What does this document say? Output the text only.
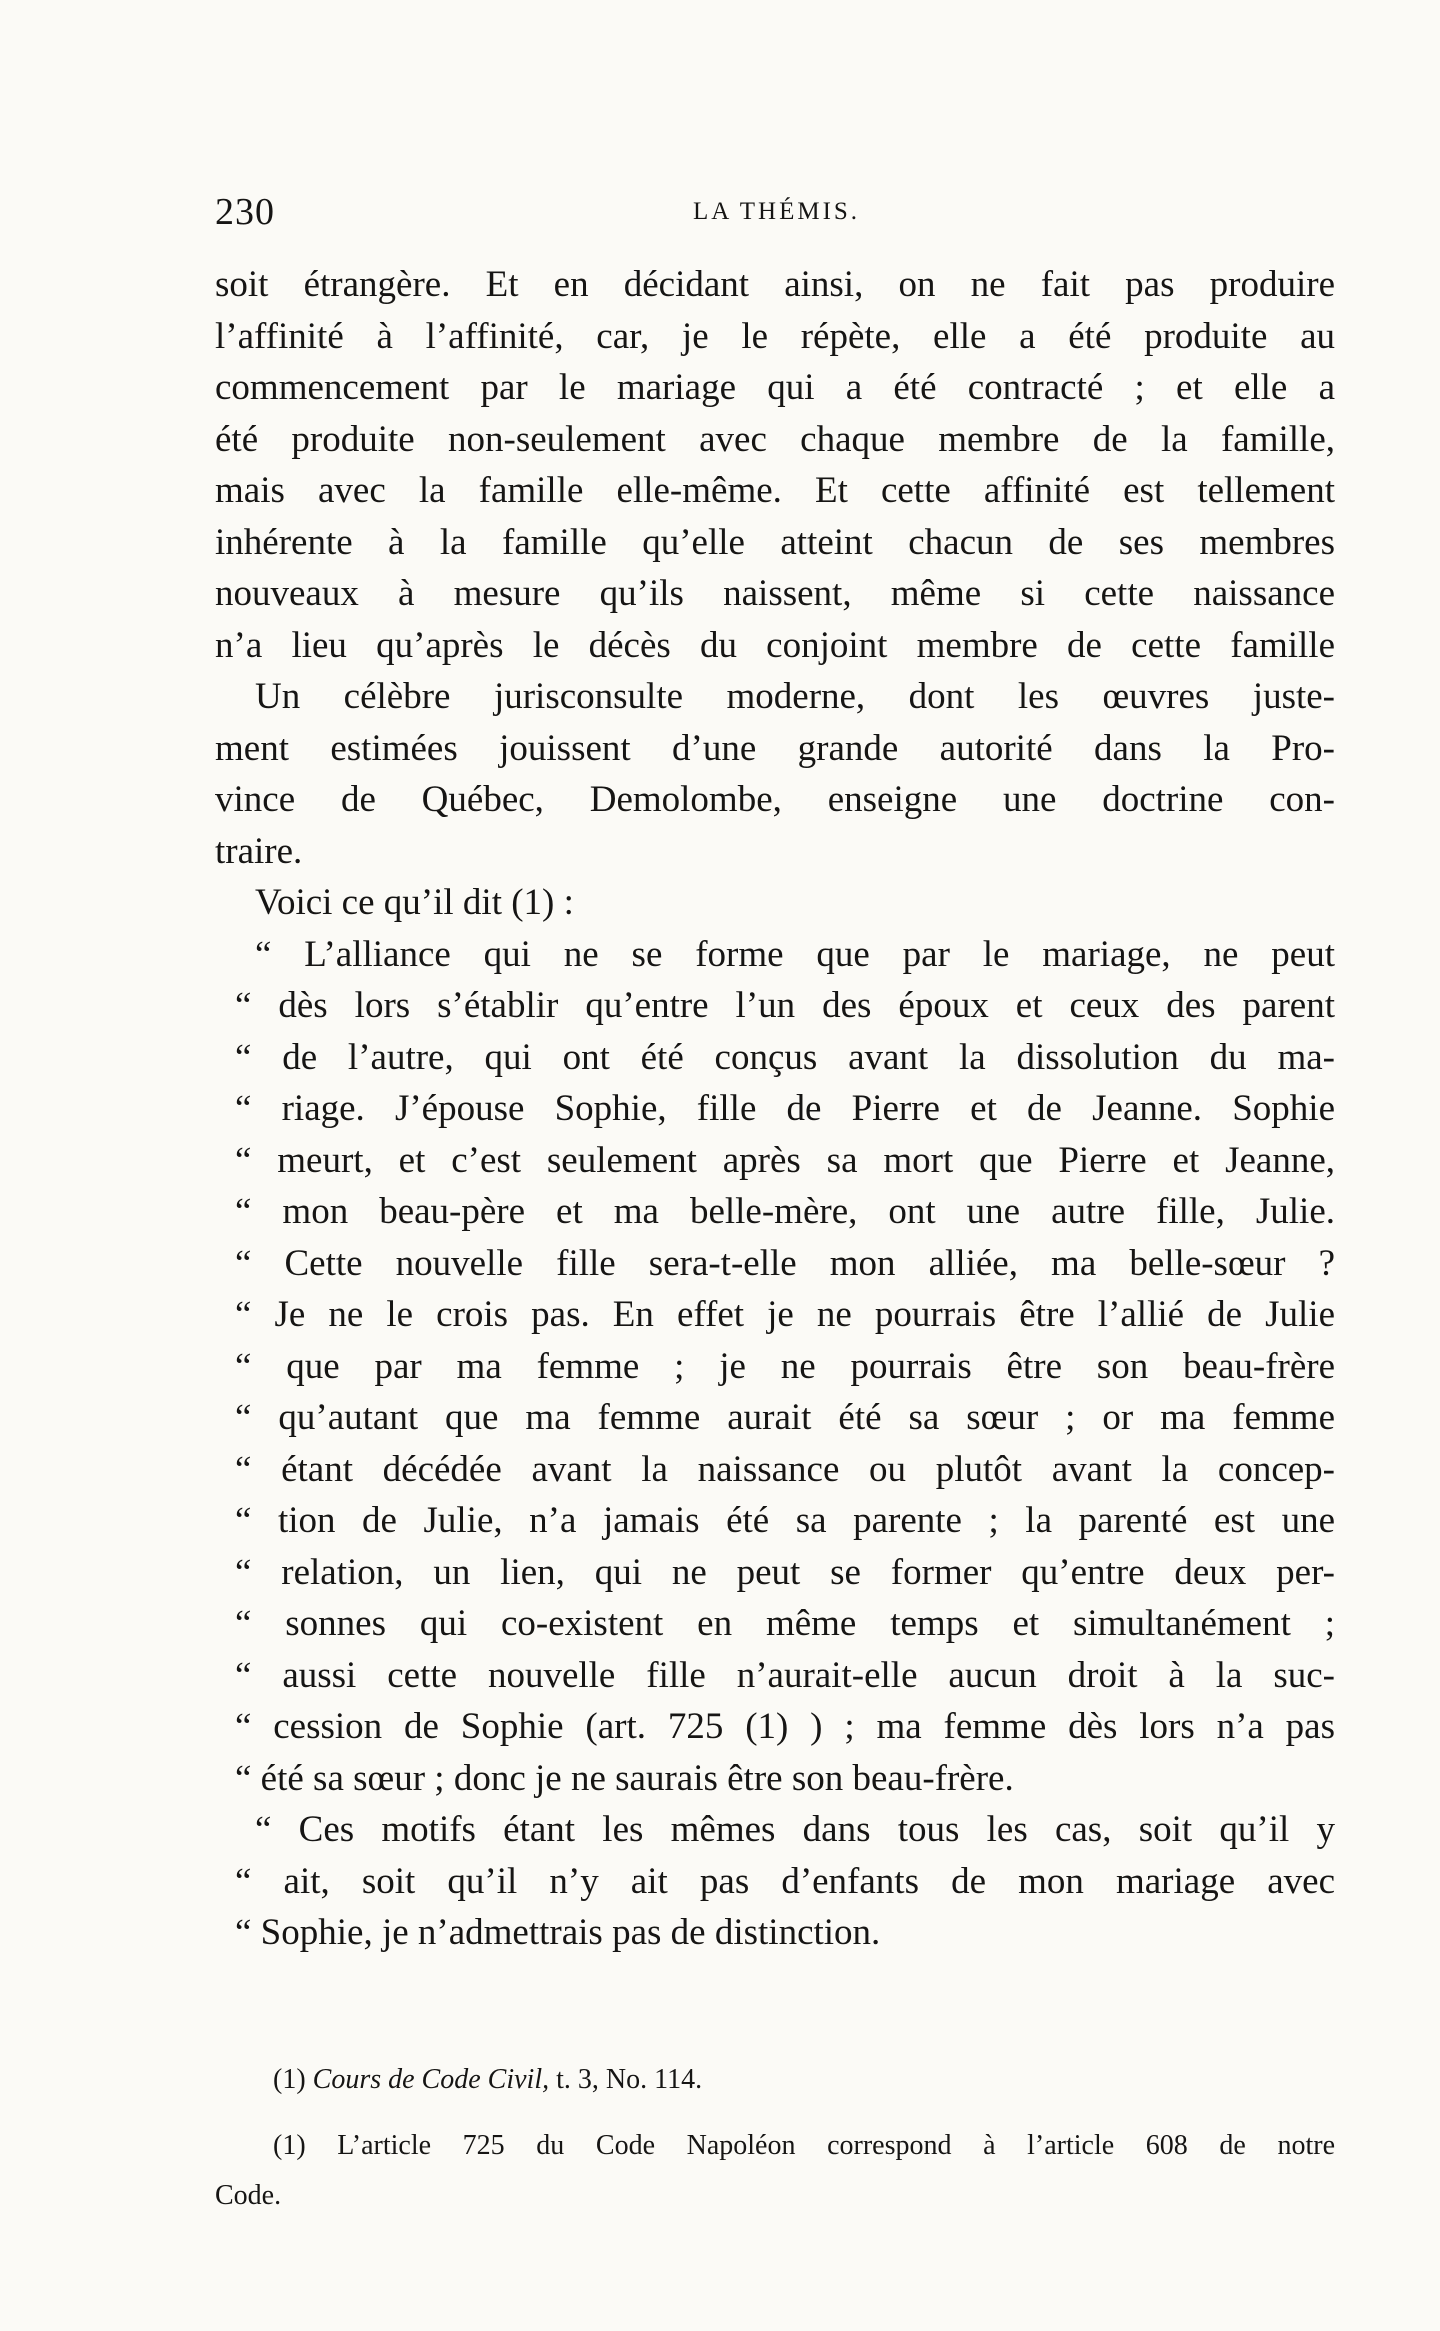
230	LA THÉMIS.
soit étrangère. Et en décidant ainsi, on ne fait pas produire
l’affinité à l’affinité, car, je le répète, elle a été produite au
commencement par le mariage qui a été contracté ; et elle a
été produite non-seulement avec chaque membre de la famille,
mais avec la famille elle-même. Et cette affinité est tellement
inhérente à la famille qu’elle atteint chacun de ses membres
nouveaux à mesure qu’ils naissent, même si cette naissance
n’a lieu qu’après le décès du conjoint membre de cette famille
Un célèbre jurisconsulte moderne, dont les œuvres juste-
ment estimées jouissent d’une grande autorité dans la Pro-
vince de Québec, Demolombe, enseigne une doctrine con-
traire.
Voici ce qu’il dit (1) :
“ L’alliance qui ne se forme que par le mariage, ne peut
“ dès lors s’établir qu’entre l’un des époux et ceux des parent
“ de l’autre, qui ont été conçus avant la dissolution du ma-
“ riage. J’épouse Sophie, fille de Pierre et de Jeanne. Sophie
“ meurt, et c’est seulement après sa mort que Pierre et Jeanne,
“ mon beau-père et ma belle-mère, ont une autre fille, Julie.
“ Cette nouvelle fille sera-t-elle mon alliée, ma belle-sœur ?
“ Je ne le crois pas. En effet je ne pourrais être l’allié de Julie
“ que par ma femme ; je ne pourrais être son beau-frère
“ qu’autant que ma femme aurait été sa sœur ; or ma femme
“ étant décédée avant la naissance ou plutôt avant la concep-
“ tion de Julie, n’a jamais été sa parente ; la parenté est une
“ relation, un lien, qui ne peut se former qu’entre deux per-
“ sonnes qui co-existent en même temps et simultanément ;
“ aussi cette nouvelle fille n’aurait-elle aucun droit à la suc-
“ cession de Sophie (art. 725 (1) ) ; ma femme dès lors n’a pas
“ été sa sœur ; donc je ne saurais être son beau-frère.
“ Ces motifs étant les mêmes dans tous les cas, soit qu’il y
“ ait, soit qu’il n’y ait pas d’enfants de mon mariage avec
“ Sophie, je n’admettrais pas de distinction.
(1) Cours de Code Civil, t. 3, No. 114.
(1) L’article 725 du Code Napoléon correspond à l’article 608 de notre
Code.
